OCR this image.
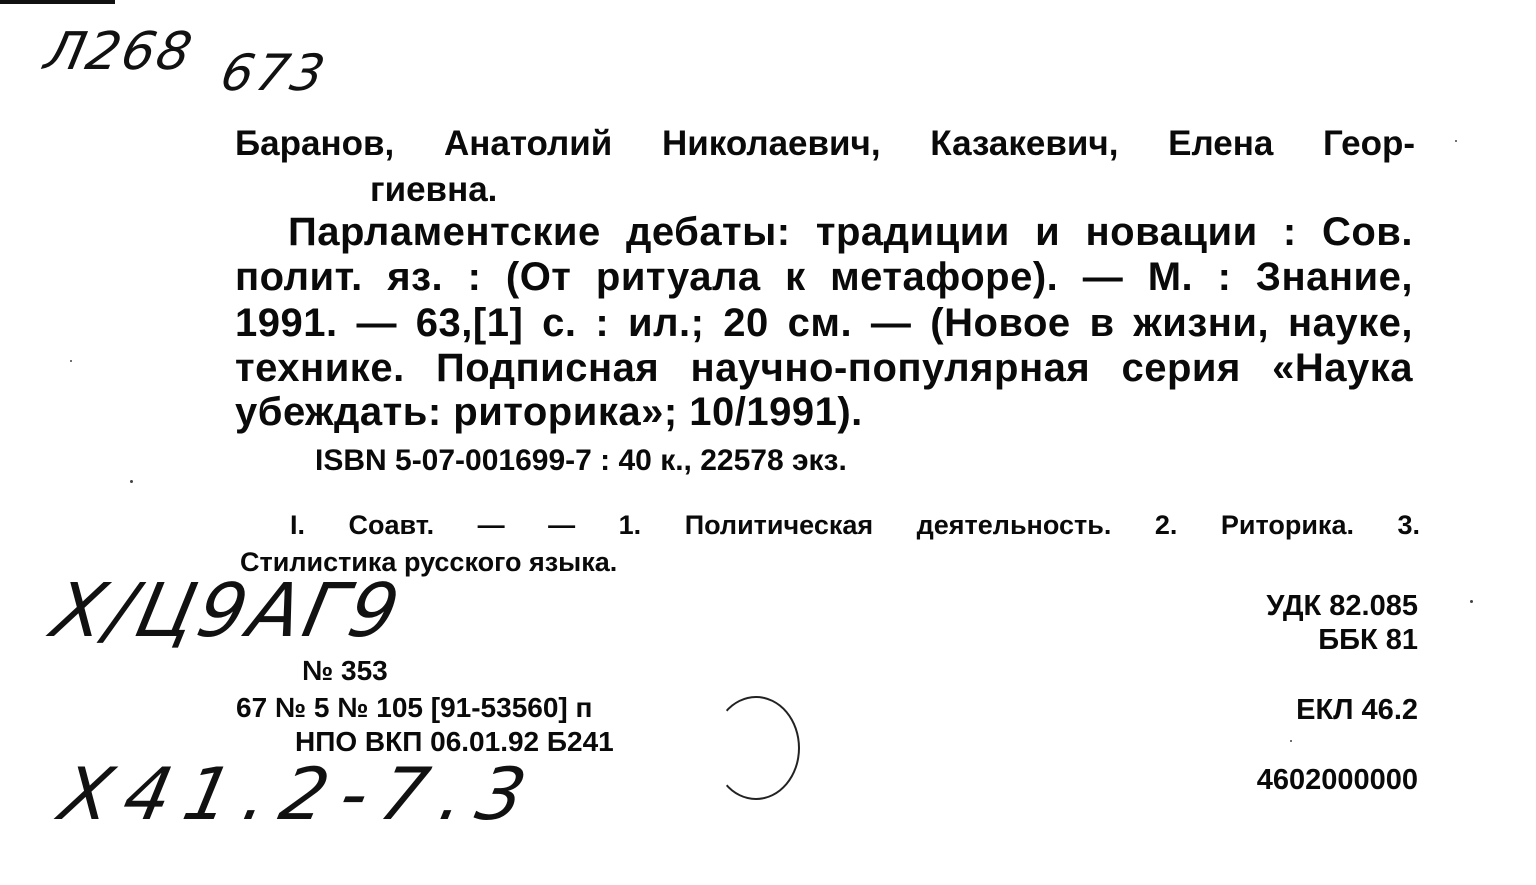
Л268 673
Х/Ц9АГ9
Х41.2-7.3
Баранов, Анатолий Николаевич, Казакевич, Елена Геор-
гиевна.
Парламентские дебаты: традиции и новации : Сов.
полит. яз. : (От ритуала к метафоре). — М. : Знание,
1991. — 63,[1] с. : ил.; 20 см. — (Новое в жизни, науке,
технике. Подписная научно-популярная серия «Наука
убеждать: риторика»; 10/1991).
ISBN 5-07-001699-7 : 40 к., 22578 экз.
I. Соавт. — — 1. Политическая деятельность. 2. Риторика. 3.
Стилистика русского языка.
УДК 82.085
ББК 81
ЕКЛ 46.2
4602000000
№ 353
67 № 5 № 105 [91-53560] п
НПО ВКП 06.01.92 Б241
